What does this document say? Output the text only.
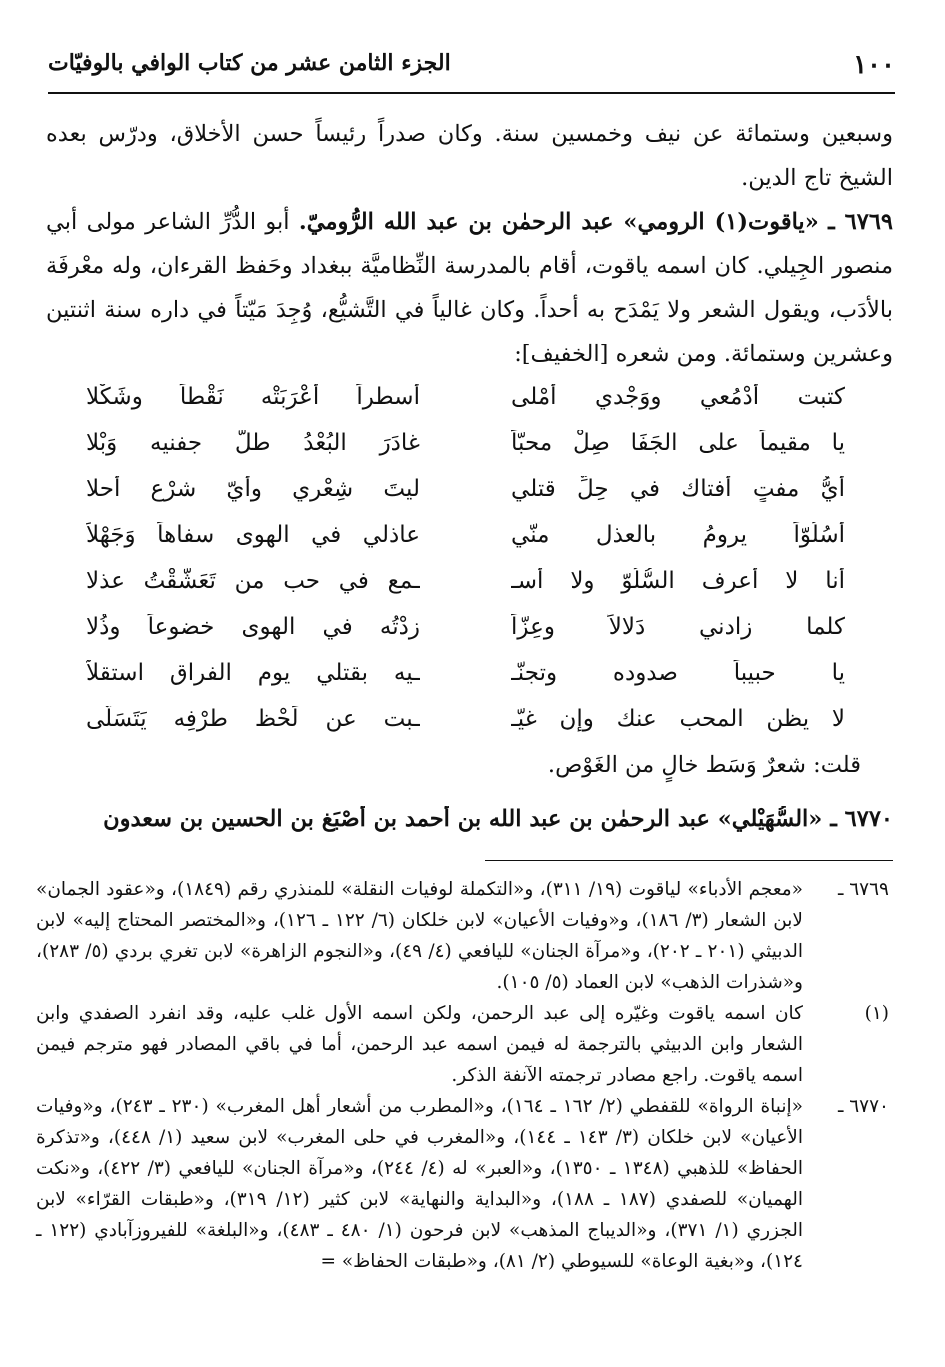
١٠٠
الجزء الثامن عشر من كتاب الوافي بالوفيّات

وسبعين وستمائة عن نيف وخمسين سنة. وكان صدراً رئيساً حسن الأخلاق، ودرّس بعده الشيخ تاج الدين.

٦٧٦٩ ـ «ياقوت(١) الرومي» عبد الرحمٰن بن عبد الله الرُّوميّ. أبو الدُّرِّ الشاعر مولى أبي منصور الجِيلي. كان اسمه ياقوت، أقام بالمدرسة النِّظاميَّة ببغداد وحَفظ القرءان، وله معْرفَة بالأدَب، ويقول الشعر ولا يَمْدَح به أحداً. وكان غالياً في التَّشيُّع، وُجِدَ مَيّتاً في داره سنة اثنتين وعشرين وستمائة. ومن شعره [الخفيف]:

كتبت أدْمُعي ووَجْدي أمْلى
أسطراً أعْرَبَتْه نَقْطاً وشَكْلا
يا مقيماً على الجَفَا صِلْ محبّاً
غادَرَ البُعْدُ طلّ جفنيه وَبْلا
أيُّ مفتٍ أفتاك في حِلِّ قتلي
ليتَ شِعْري وأيّ شرْع أحلا
أسُلُوّاً يرومُ بالعذل منّي
عاذلي في الهوى سفاهاً وَجَهْلاً
أنا لا أعرف السُّلُوّ ولا أسـ
ـمع في حب من تَعَشَّقْتُ عذلا
كلما زادني دَلالاً وعِزّاً
زِدْتُه في الهوى خضوعاً وذُلا
يا حبيباً صدوده وتجنّـ
ـيه بقتلي يوم الفراق استقلاّ
لا يظن المحب عنك وإن غيّـ
ـبت عن لَحْظ طرْفِه يَتَسَلّى
قلت: شعرٌ وَسَط خالٍ من الغَوْص.
٦٧٧٠ ـ «السُّهَيْلي» عبد الرحمٰن بن عبد الله بن أحمد بن أَصْبَغ بن الحسين بن سعدون
٦٧٦٩ ـ
«معجم الأدباء» لياقوت (١٩/ ٣١١)، و«التكملة لوفيات النقلة» للمنذري رقم (١٨٤٩)، و«عقود الجمان» لابن الشعار (٣/ ١٨٦)، و«وفيات الأعيان» لابن خلكان (٦/ ١٢٢ ـ ١٢٦)، و«المختصر المحتاج إليه» لابن الدبيثي (٢٠١ ـ ٢٠٢)، و«مرآة الجنان» لليافعي (٤/ ٤٩)، و«النجوم الزاهرة» لابن تغري بردي (٥/ ٢٨٣)، و«شذرات الذهب» لابن العماد (٥/ ١٠٥).
(١)
كان اسمه ياقوت وغيّره إلى عبد الرحمن، ولكن اسمه الأول غلب عليه، وقد انفرد الصفدي وابن الشعار وابن الدبيثي بالترجمة له فيمن اسمه عبد الرحمن، أما في باقي المصادر فهو مترجم فيمن اسمه ياقوت. راجع مصادر ترجمته الآنفة الذكر.
٦٧٧٠ ـ
«إنباة الرواة» للقفطي (٢/ ١٦٢ ـ ١٦٤)، و«المطرب من أشعار أهل المغرب» (٢٣٠ ـ ٢٤٣)، و«وفيات الأعيان» لابن خلكان (٣/ ١٤٣ ـ ١٤٤)، و«المغرب في حلى المغرب» لابن سعيد (١/ ٤٤٨)، و«تذكرة الحفاظ» للذهبي (١٣٤٨ ـ ١٣٥٠)، و«العبر» له (٤/ ٢٤٤)، و«مرآة الجنان» لليافعي (٣/ ٤٢٢)، و«نكت الهميان» للصفدي (١٨٧ ـ ١٨٨)، و«البداية والنهاية» لابن كثير (١٢/ ٣١٩)، و«طبقات القرّاء» لابن الجزري (١/ ٣٧١)، و«الديباج المذهب» لابن فرحون (١/ ٤٨٠ ـ ٤٨٣)، و«البلغة» للفيروزآبادي (١٢٢ ـ ١٢٤)، و«بغية الوعاة» للسيوطي (٢/ ٨١)، و«طبقات الحفاظ» =
